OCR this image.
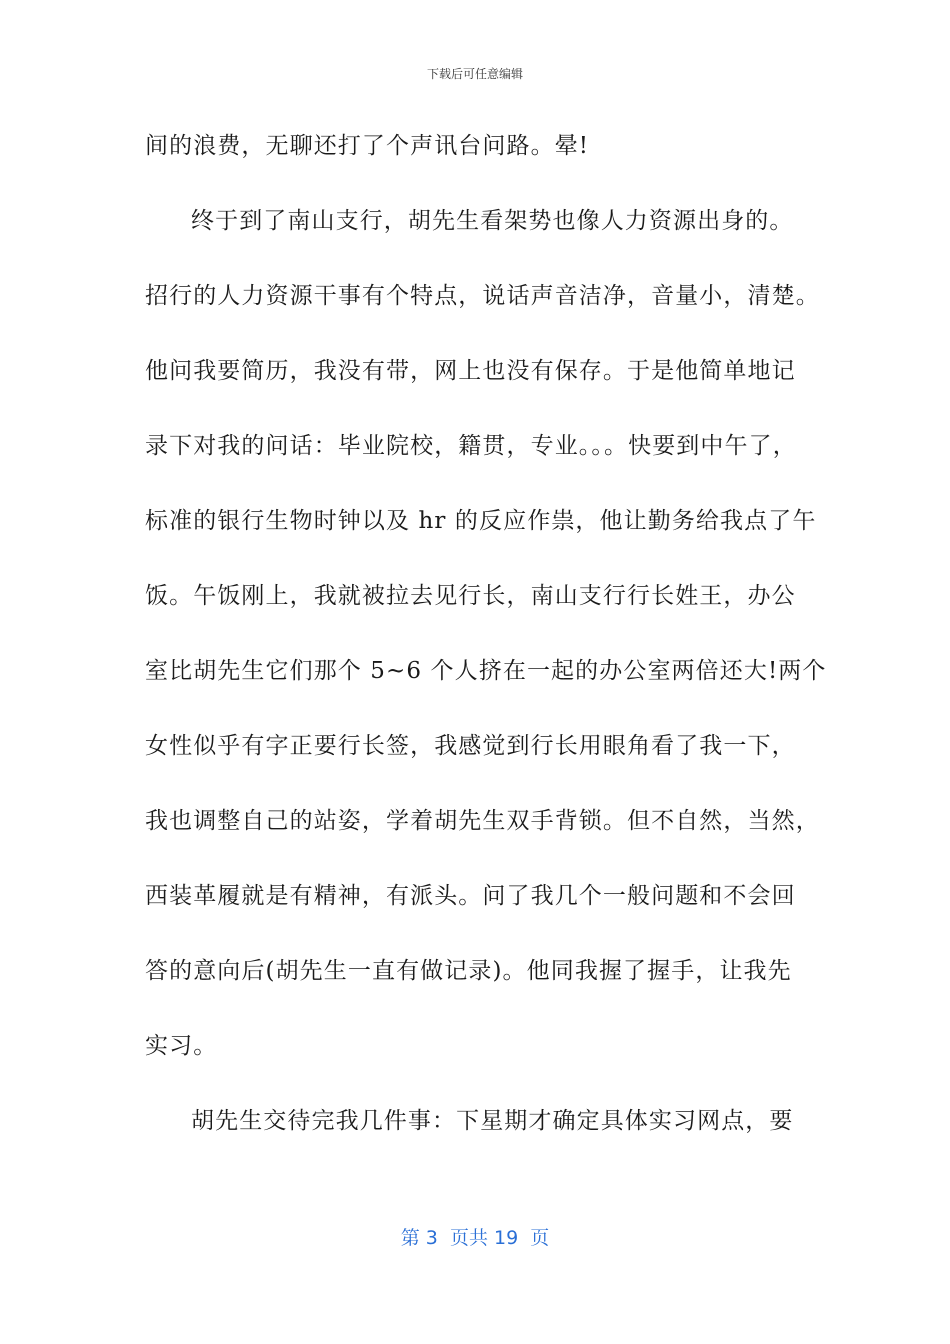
下载后可任意编辑
间的浪费，无聊还打了个声讯台问路。晕!
终于到了南山支行，胡先生看架势也像人力资源出身的。
招行的人力资源干事有个特点，说话声音洁净，音量小，清楚。
他问我要简历，我没有带，网上也没有保存。于是他简单地记
录下对我的问话：毕业院校，籍贯，专业。。。快要到中午了，
标准的银行生物时钟以及 hr 的反应作祟，他让勤务给我点了午
饭。午饭刚上，我就被拉去见行长，南山支行行长姓王，办公
室比胡先生它们那个 5~6 个人挤在一起的办公室两倍还大!两个
女性似乎有字正要行长签，我感觉到行长用眼角看了我一下，
我也调整自己的站姿，学着胡先生双手背锁。但不自然，当然，
西装革履就是有精神，有派头。问了我几个一般问题和不会回
答的意向后(胡先生一直有做记录)。他同我握了握手，让我先
实习。
胡先生交待完我几件事：下星期才确定具体实习网点，要
第 3  页共 19  页
